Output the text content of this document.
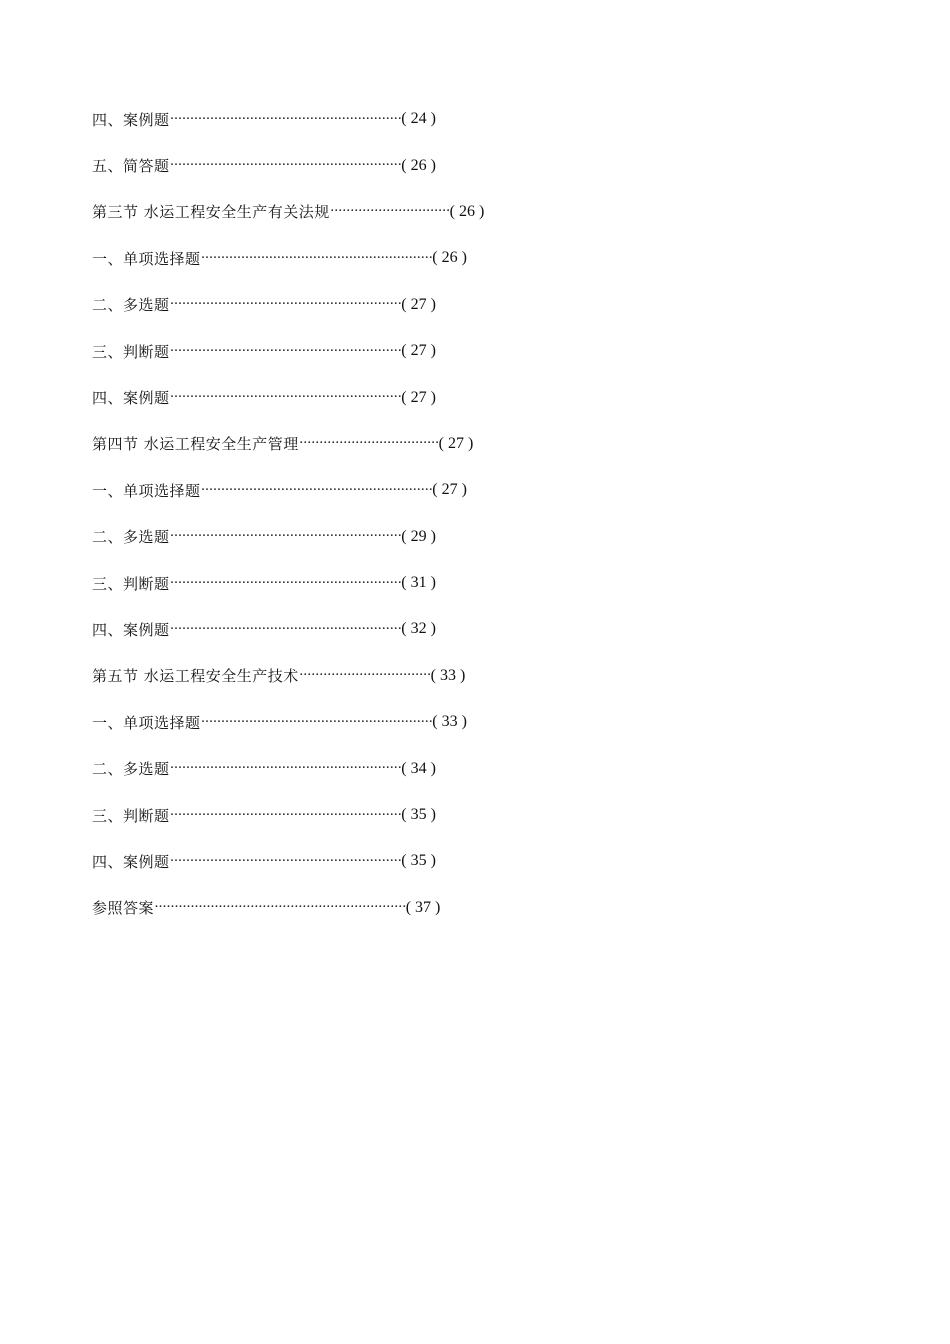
四、案例题 ·························································· ( 24 )
五、简答题 ·························································· ( 26 )
第三节 水运工程安全生产有关法规 ······························ ( 26 )
一、单项选择题 ·························································· ( 26 )
二、多选题 ·························································· ( 27 )
三、判断题 ·························································· ( 27 )
四、案例题 ·························································· ( 27 )
第四节 水运工程安全生产管理 ··································· ( 27 )
一、单项选择题 ·························································· ( 27 )
二、多选题 ·························································· ( 29 )
三、判断题 ·························································· ( 31 )
四、案例题 ·························································· ( 32 )
第五节 水运工程安全生产技术 ································· ( 33 )
一、单项选择题 ·························································· ( 33 )
二、多选题 ·························································· ( 34 )
三、判断题 ·························································· ( 35 )
四、案例题 ·························································· ( 35 )
参照答案 ······························································· ( 37 )
